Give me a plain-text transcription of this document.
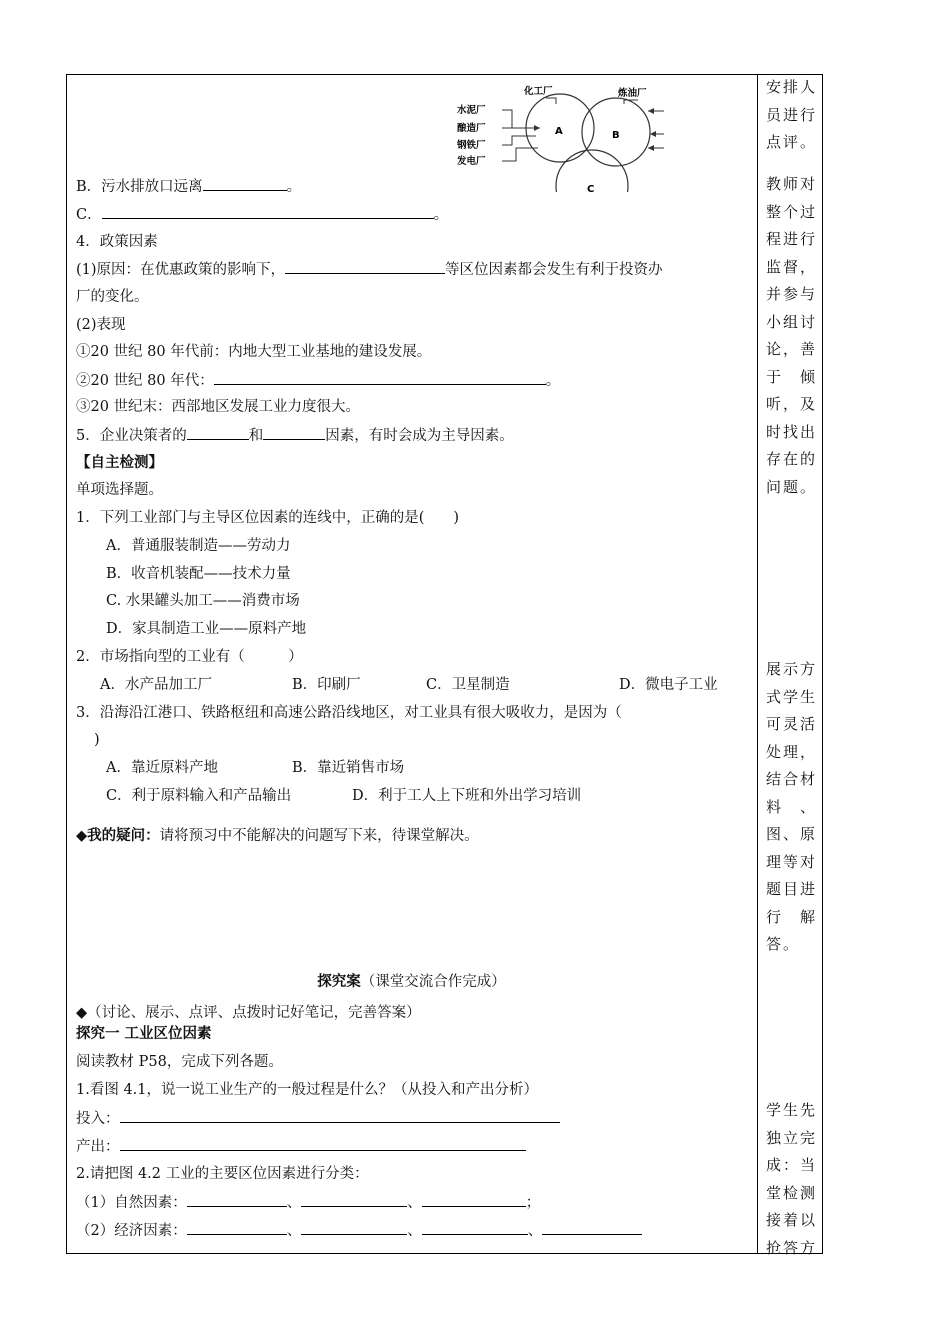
化工厂	炼油厂
水泥厂
酿造厂
钢铁厂
发电厂
A	B
C
B．污水排放口远离	。
C．	。
4．政策因素
(1)原因：在优惠政策的影响下，	等区位因素都会发生有利于投资办
厂的变化。
(2)表现
①20 世纪 80 年代前：内地大型工业基地的建设发展。
②20 世纪 80 年代：	。
③20 世纪末：西部地区发展工业力度很大。
5．企业决策者的	和	因素，有时会成为主导因素。
【自主检测】
单项选择题。
1．下列工业部门与主导区位因素的连线中，正确的是(　　)
A．普通服装制造——劳动力
B．收音机装配——技术力量
C. 水果罐头加工——消费市场
D．家具制造工业——原料产地
2．市场指向型的工业有（　　　）
A．水产品加工厂	B．印刷厂	C．卫星制造	D．微电子工业
3．沿海沿江港口、铁路枢纽和高速公路沿线地区，对工业具有很大吸收力，是因为（
)
A．靠近原料产地	B．靠近销售市场
C．利于原料输入和产品输出	D．利于工人上下班和外出学习培训
◆我的疑问：请将预习中不能解决的问题写下来，待课堂解决。
探究案（课堂交流合作完成）
◆（讨论、展示、点评、点拨时记好笔记，完善答案）
探究一 工业区位因素
阅读教材 P58，完成下列各题。
1.看图 4.1，说一说工业生产的一般过程是什么？（从投入和产出分析）
投入：
产出：
2.请把图 4.2 工业的主要区位因素进行分类：
（1）自然因素：	、	、	；
（2）经济因素：	、	、	、
安排人员进行点评。
教师对整个过程进行监督，并参与小组讨论，善于　倾听，及时找出存在的问题。
展示方式学生可灵活处理，结合材料　、图、原理等对题目进行　解答。
学生先独立完成：当堂检测接着以抢答方
